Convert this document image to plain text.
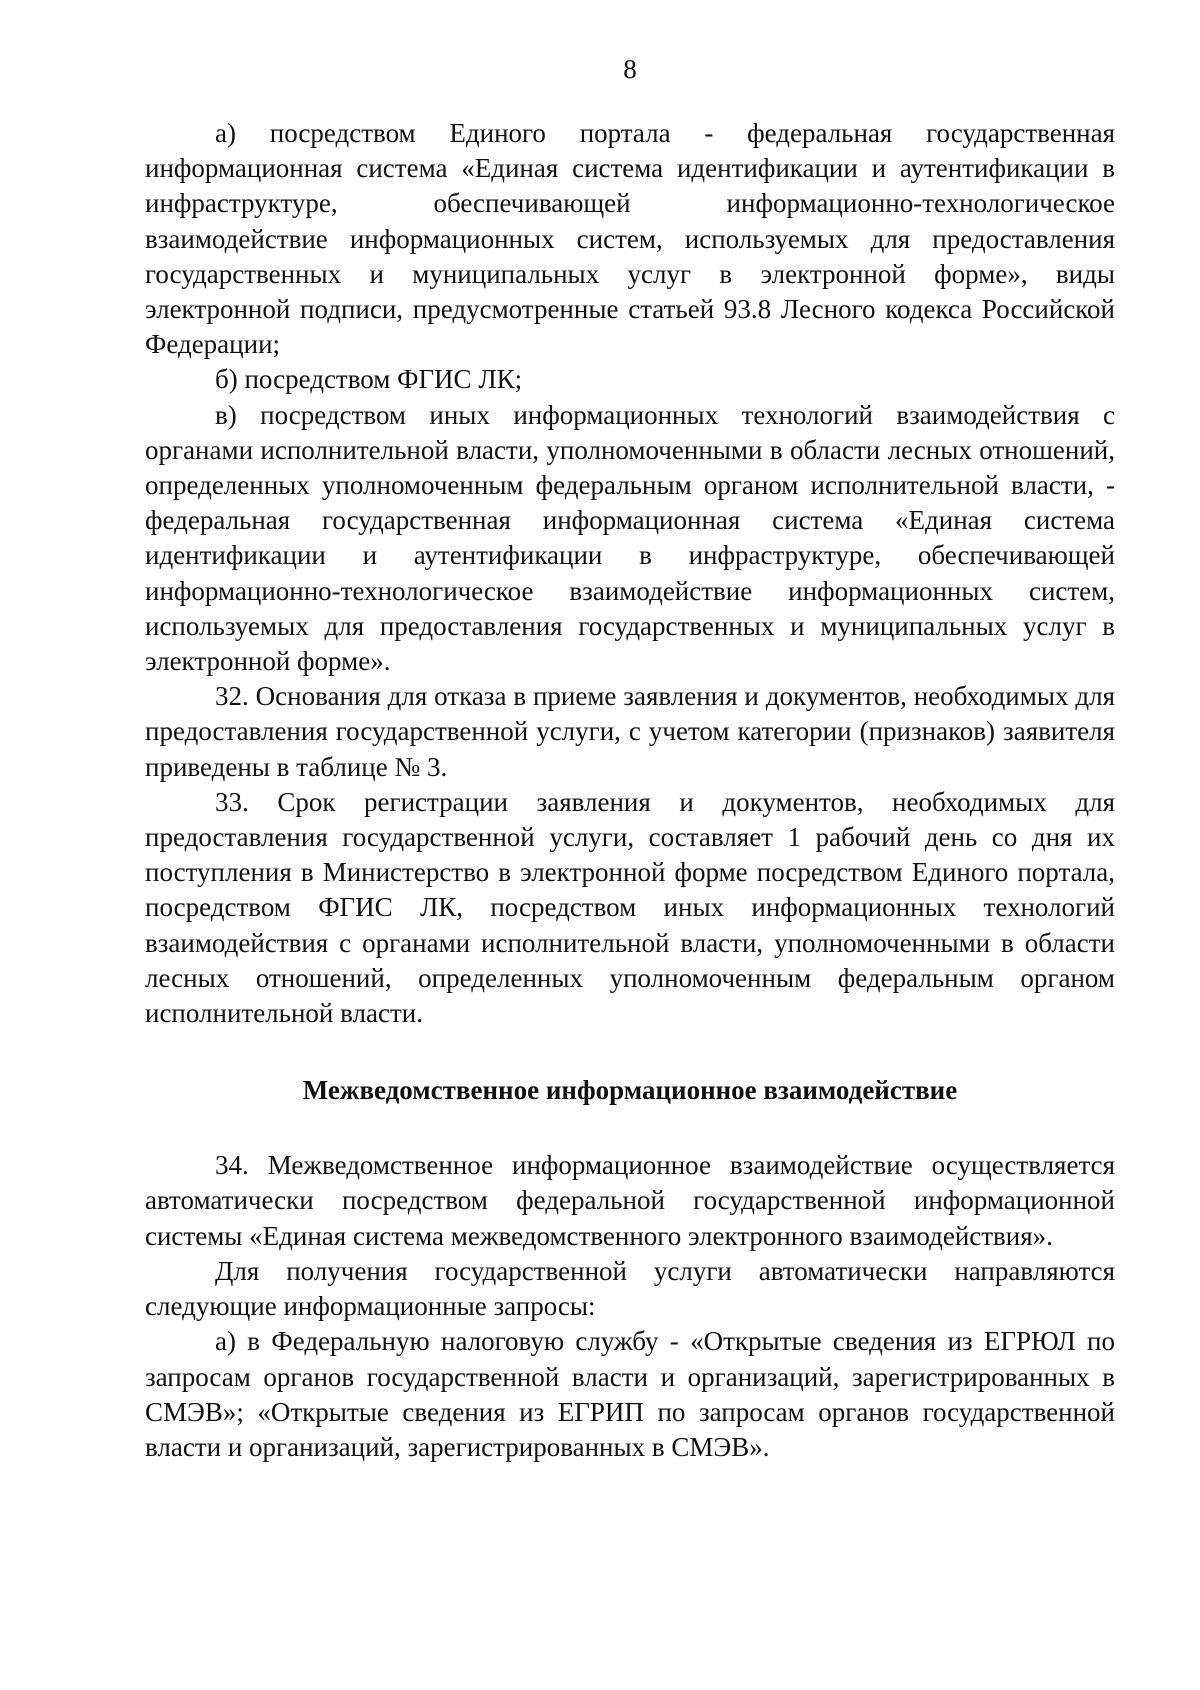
8

а) посредством Единого портала - федеральная государственная информационная система «Единая система идентификации и аутентификации в инфраструктуре, обеспечивающей информационно-технологическое взаимодействие информационных систем, используемых для предоставления государственных и муниципальных услуг в электронной форме», виды электронной подписи, предусмотренные статьей 93.8 Лесного кодекса Российской Федерации;

б) посредством ФГИС ЛК;

в) посредством иных информационных технологий взаимодействия с органами исполнительной власти, уполномоченными в области лесных отношений, определенных уполномоченным федеральным органом исполнительной власти, - федеральная государственная информационная система «Единая система идентификации и аутентификации в инфраструктуре, обеспечивающей информационно-технологическое взаимодействие информационных систем, используемых для предоставления государственных и муниципальных услуг в электронной форме».

32. Основания для отказа в приеме заявления и документов, необходимых для предоставления государственной услуги, с учетом категории (признаков) заявителя приведены в таблице № 3.

33. Срок регистрации заявления и документов, необходимых для предоставления государственной услуги, составляет 1 рабочий день со дня их поступления в Министерство в электронной форме посредством Единого портала, посредством ФГИС ЛК, посредством иных информационных технологий взаимодействия с органами исполнительной власти, уполномоченными в области лесных отношений, определенных уполномоченным федеральным органом исполнительной власти.

Межведомственное информационное взаимодействие

34. Межведомственное информационное взаимодействие осуществляется автоматически посредством федеральной государственной информационной системы «Единая система межведомственного электронного взаимодействия».

Для получения государственной услуги автоматически направляются следующие информационные запросы:

а) в Федеральную налоговую службу - «Открытые сведения из ЕГРЮЛ по запросам органов государственной власти и организаций, зарегистрированных в СМЭВ»; «Открытые сведения из ЕГРИП по запросам органов государственной власти и организаций, зарегистрированных в СМЭВ».
